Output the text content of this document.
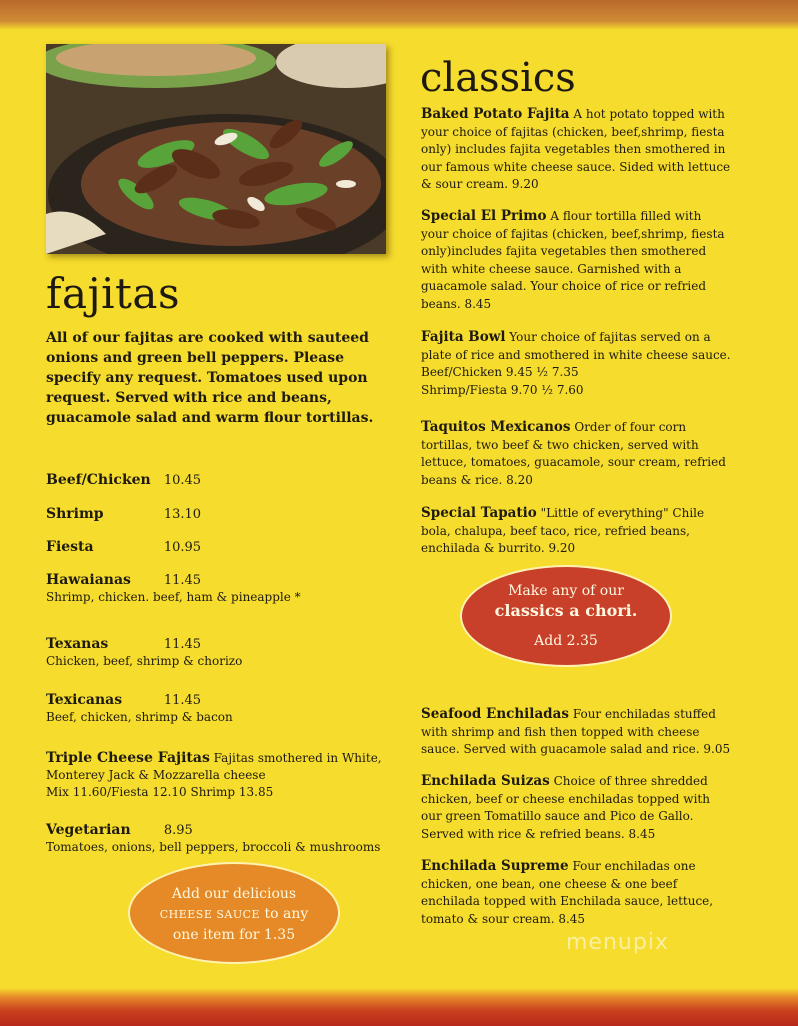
fajitas
All of our fajitas are cooked with sauteed onions and green bell peppers. Please specify any request. Tomatoes used upon request. Served with rice and beans, guacamole salad and warm flour tortillas.
Beef/Chicken 10.45
Shrimp	13.10
Fiesta	10.95
Hawaianas	11.45
Shrimp, chicken. beef, ham & pineapple *
Texanas	11.45
Chicken, beef, shrimp & chorizo
Texicanas	11.45
Beef, chicken, shrimp & bacon
Triple Cheese Fajitas Fajitas smothered in White,
Monterey Jack & Mozzarella cheese
Mix 11.60/Fiesta 12.10 Shrimp 13.85
Vegetarian	8.95
Tomatoes, onions, bell peppers, broccoli & mushrooms
classics
Baked Potato Fajita A hot potato topped with your choice of fajitas (chicken, beef,shrimp, fiesta only) includes fajita vegetables then smothered in our famous white cheese sauce. Sided with lettuce & sour cream. 9.20
Special El Primo A flour tortilla filled with your choice of fajitas (chicken, beef,shrimp, fiesta only)includes fajita vegetables then smothered with white cheese sauce. Garnished with a guacamole salad. Your choice of rice or refried beans. 8.45
Fajita Bowl Your choice of fajitas served on a plate of rice and smothered in white cheese sauce.
Beef/Chicken 9.45 ½ 7.35
Shrimp/Fiesta 9.70 ½ 7.60
Taquitos Mexicanos Order of four corn tortillas, two beef & two chicken, served with lettuce, tomatoes, guacamole, sour cream, refried beans & rice. 8.20
Special Tapatio "Little of everything" Chile bola, chalupa, beef taco, rice, refried beans, enchilada & burrito. 9.20
Make any of our
classics a chori.
Add 2.35
Seafood Enchiladas Four enchiladas stuffed with shrimp and fish then topped with cheese sauce. Served with guacamole salad and rice. 9.05
Enchilada Suizas Choice of three shredded chicken, beef or cheese enchiladas topped with our green Tomatillo sauce and Pico de Gallo. Served with rice & refried beans. 8.45
Enchilada Supreme Four enchiladas one chicken, one bean, one cheese & one beef enchilada topped with Enchilada sauce, lettuce, tomato & sour cream. 8.45
Add our delicious
CHEESE SAUCE to any
one item for 1.35	menupix
